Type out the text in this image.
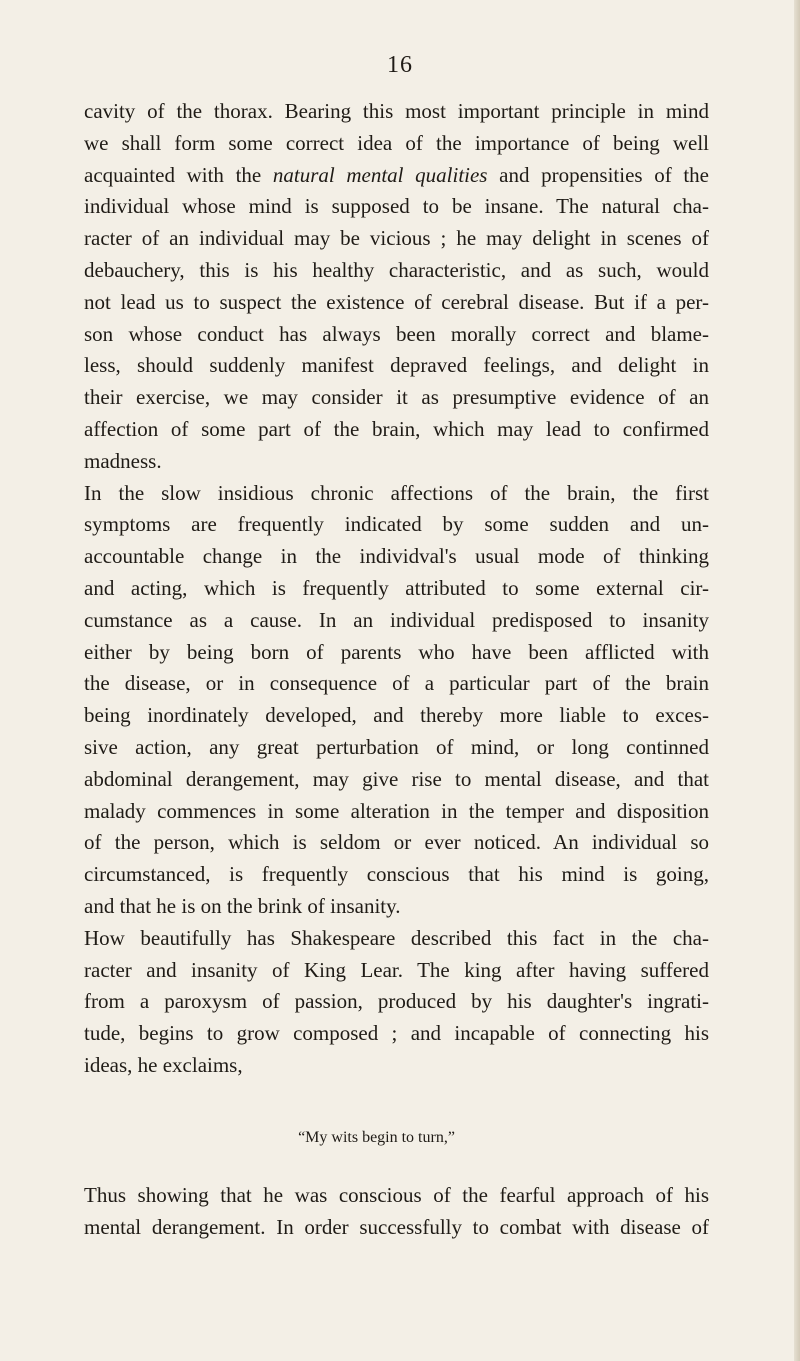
16
cavity of the thorax. Bearing this most important principle in mind
we shall form some correct idea of the importance of being well
acquainted with the natural mental qualities and propensities of the
individual whose mind is supposed to be insane. The natural cha-
racter of an individual may be vicious ; he may delight in scenes of
debauchery, this is his healthy characteristic, and as such, would
not lead us to suspect the existence of cerebral disease. But if a per-
son whose conduct has always been morally correct and blame-
less, should suddenly manifest depraved feelings, and delight in
their exercise, we may consider it as presumptive evidence of an
affection of some part of the brain, which may lead to confirmed
madness.
In the slow insidious chronic affections of the brain, the first
symptoms are frequently indicated by some sudden and un-
accountable change in the individval's usual mode of thinking
and acting, which is frequently attributed to some external cir-
cumstance as a cause. In an individual predisposed to insanity
either by being born of parents who have been afflicted with
the disease, or in consequence of a particular part of the brain
being inordinately developed, and thereby more liable to exces-
sive action, any great perturbation of mind, or long continned
abdominal derangement, may give rise to mental disease, and that
malady commences in some alteration in the temper and disposition
of the person, which is seldom or ever noticed. An individual so
circumstanced, is frequently conscious that his mind is going,
and that he is on the brink of insanity.
How beautifully has Shakespeare described this fact in the cha-
racter and insanity of King Lear. The king after having suffered
from a paroxysm of passion, produced by his daughter's ingrati-
tude, begins to grow composed ; and incapable of connecting his
ideas, he exclaims,
“My wits begin to turn,”
Thus showing that he was conscious of the fearful approach of his
mental derangement. In order successfully to combat with disease of
